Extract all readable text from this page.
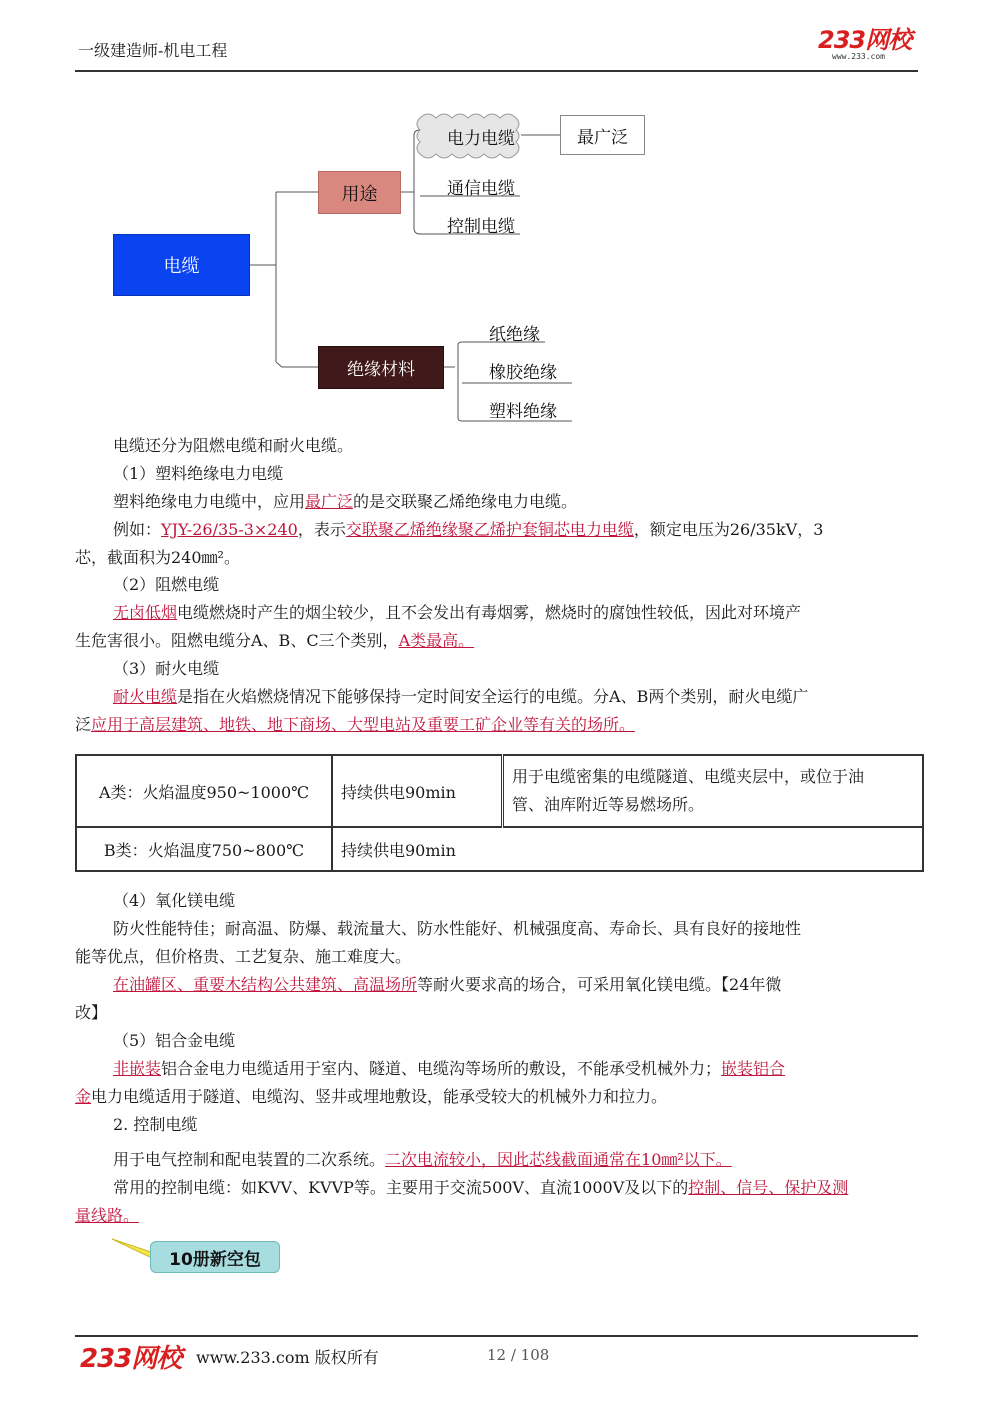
一级建造师-机电工程	233网校
www.233.com
电缆
用途
绝缘材料
最广泛
电力电缆
通信电缆
控制电缆
纸绝缘
橡胶绝缘
塑料绝缘
电缆还分为阻燃电缆和耐火电缆。
（1）塑料绝缘电力电缆
塑料绝缘电力电缆中，应用最广泛的是交联聚乙烯绝缘电力电缆。
例如：YJY-26/35-3×240，表示交联聚乙烯绝缘聚乙烯护套铜芯电力电缆，额定电压为26/35kV，3
芯，截面积为240㎜²。
（2）阻燃电缆
无卤低烟电缆燃烧时产生的烟尘较少，且不会发出有毒烟雾，燃烧时的腐蚀性较低，因此对环境产
生危害很小。阻燃电缆分A、B、C三个类别，A类最高。
（3）耐火电缆
耐火电缆是指在火焰燃烧情况下能够保持一定时间安全运行的电缆。分A、B两个类别，耐火电缆广
泛应用于高层建筑、地铁、地下商场、大型电站及重要工矿企业等有关的场所。
A类：火焰温度950~1000℃	持续供电90min	用于电缆密集的电缆隧道、电缆夹层中，或位于油
管、油库附近等易燃场所。

B类：火焰温度750~800℃	持续供电90min	
（4）氧化镁电缆
防火性能特佳；耐高温、防爆、载流量大、防水性能好、机械强度高、寿命长、具有良好的接地性
能等优点，但价格贵、工艺复杂、施工难度大。
在油罐区、重要木结构公共建筑、高温场所等耐火要求高的场合，可采用氧化镁电缆。【24年微
改】
（5）铝合金电缆
非嵌装铝合金电力电缆适用于室内、隧道、电缆沟等场所的敷设，不能承受机械外力；嵌装铝合
金电力电缆适用于隧道、电缆沟、竖井或埋地敷设，能承受较大的机械外力和拉力。
2. 控制电缆
用于电气控制和配电装置的二次系统。二次电流较小，因此芯线截面通常在10㎜²以下。
常用的控制电缆：如KVV、KVVP等。主要用于交流500V、直流1000V及以下的控制、信号、保护及测
量线路。
10册新空包
233网校 www.233.com 版权所有	12 / 108
